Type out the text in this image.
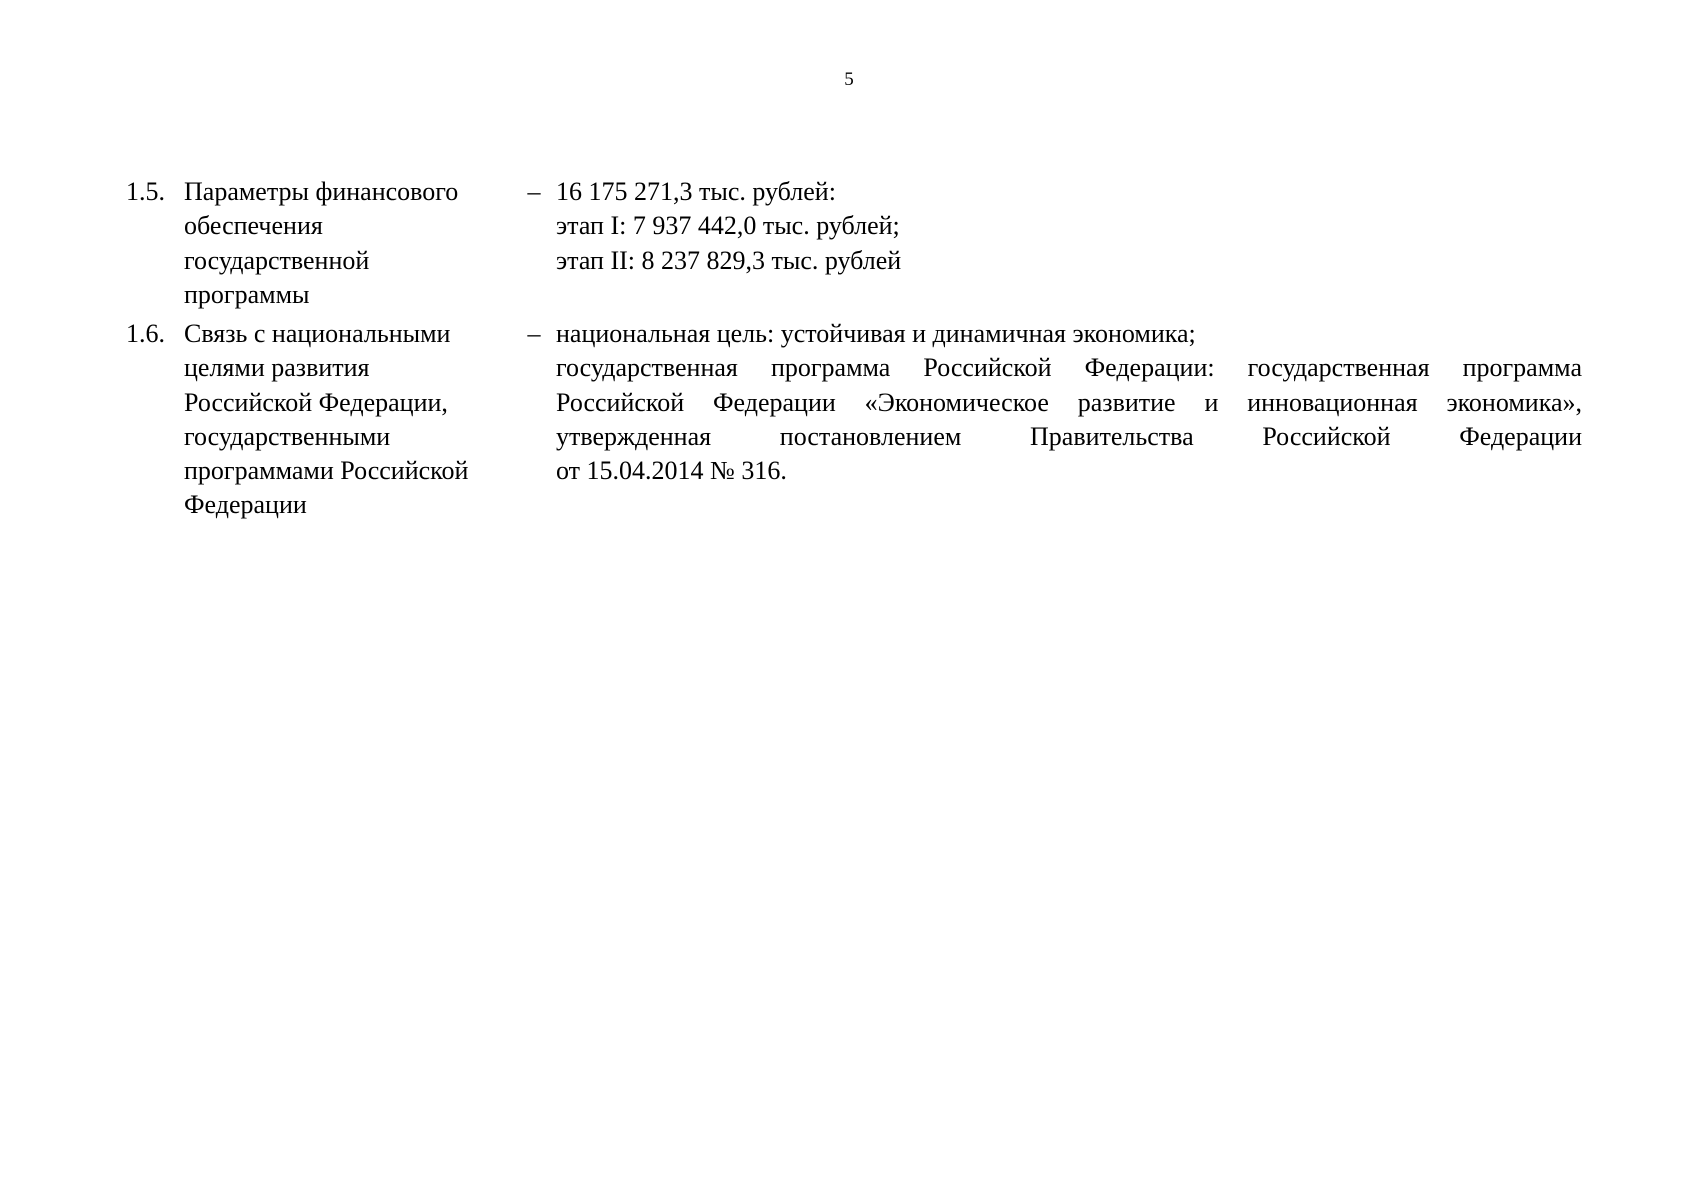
5
1.5. Параметры финансового
обеспечения
государственной
программы
– 16 175 271,3 тыс. рублей:
этап I: 7 937 442,0 тыс. рублей;
этап II: 8 237 829,3 тыс. рублей
1.6. Связь с национальными
целями развития
Российской Федерации,
государственными
программами Российской
Федерации
– национальная цель: устойчивая и динамичная экономика;
государственная программа Российской Федерации: государственная программа
Российской Федерации «Экономическое развитие и инновационная экономика»,
утвержденная постановлением Правительства Российской Федерации
от 15.04.2014 № 316.
